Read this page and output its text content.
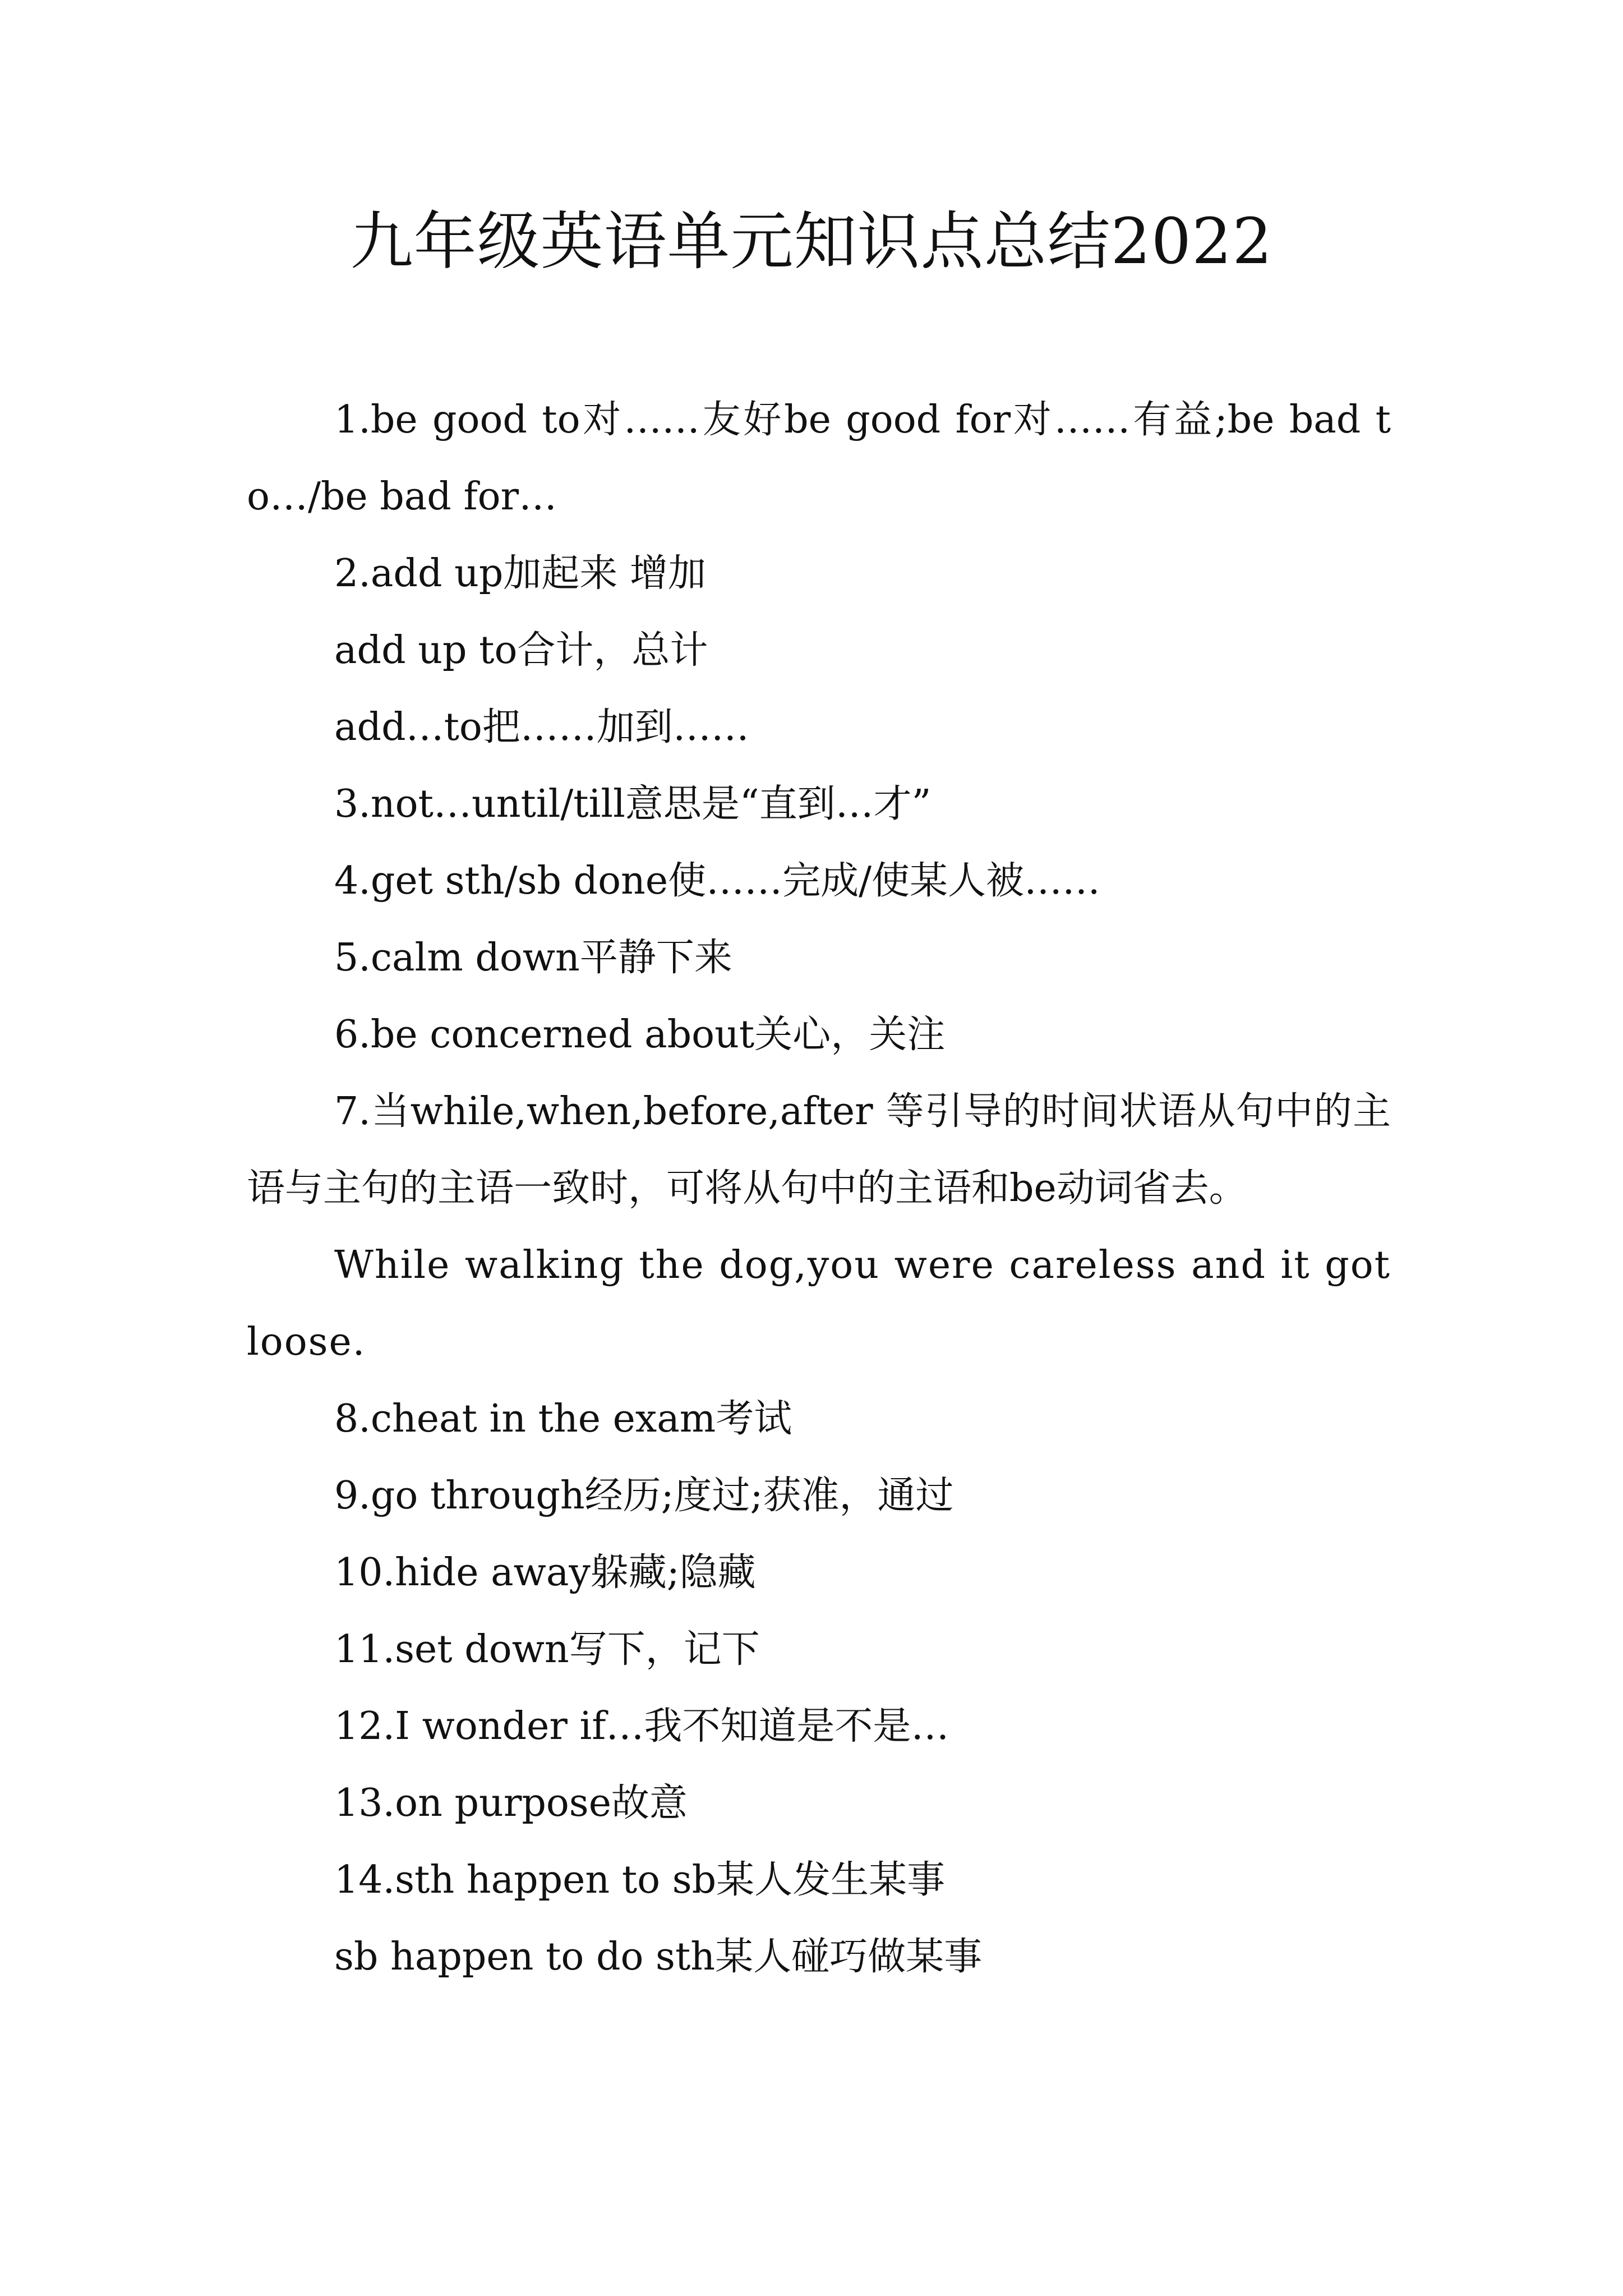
九年级英语单元知识点总结2022

1.be good to对……友好be good for对……有益;be bad to…/be bad for…

2.add up加起来 增加

add up to合计，总计

add…to把……加到……

3.not…until/till意思是“直到…才”

4.get sth/sb done使……完成/使某人被……

5.calm down平静下来

6.be concerned about关心，关注

7.当while,when,before,after 等引导的时间状语从句中的主语与主句的主语一致时，可将从句中的主语和be动词省去。

While walking the dog,you were careless and it got loose.

8.cheat in the exam考试

9.go through经历;度过;获准，通过

10.hide away躲藏;隐藏

11.set down写下，记下

12.I wonder if…我不知道是不是…

13.on purpose故意

14.sth happen to sb某人发生某事

sb happen to do sth某人碰巧做某事
